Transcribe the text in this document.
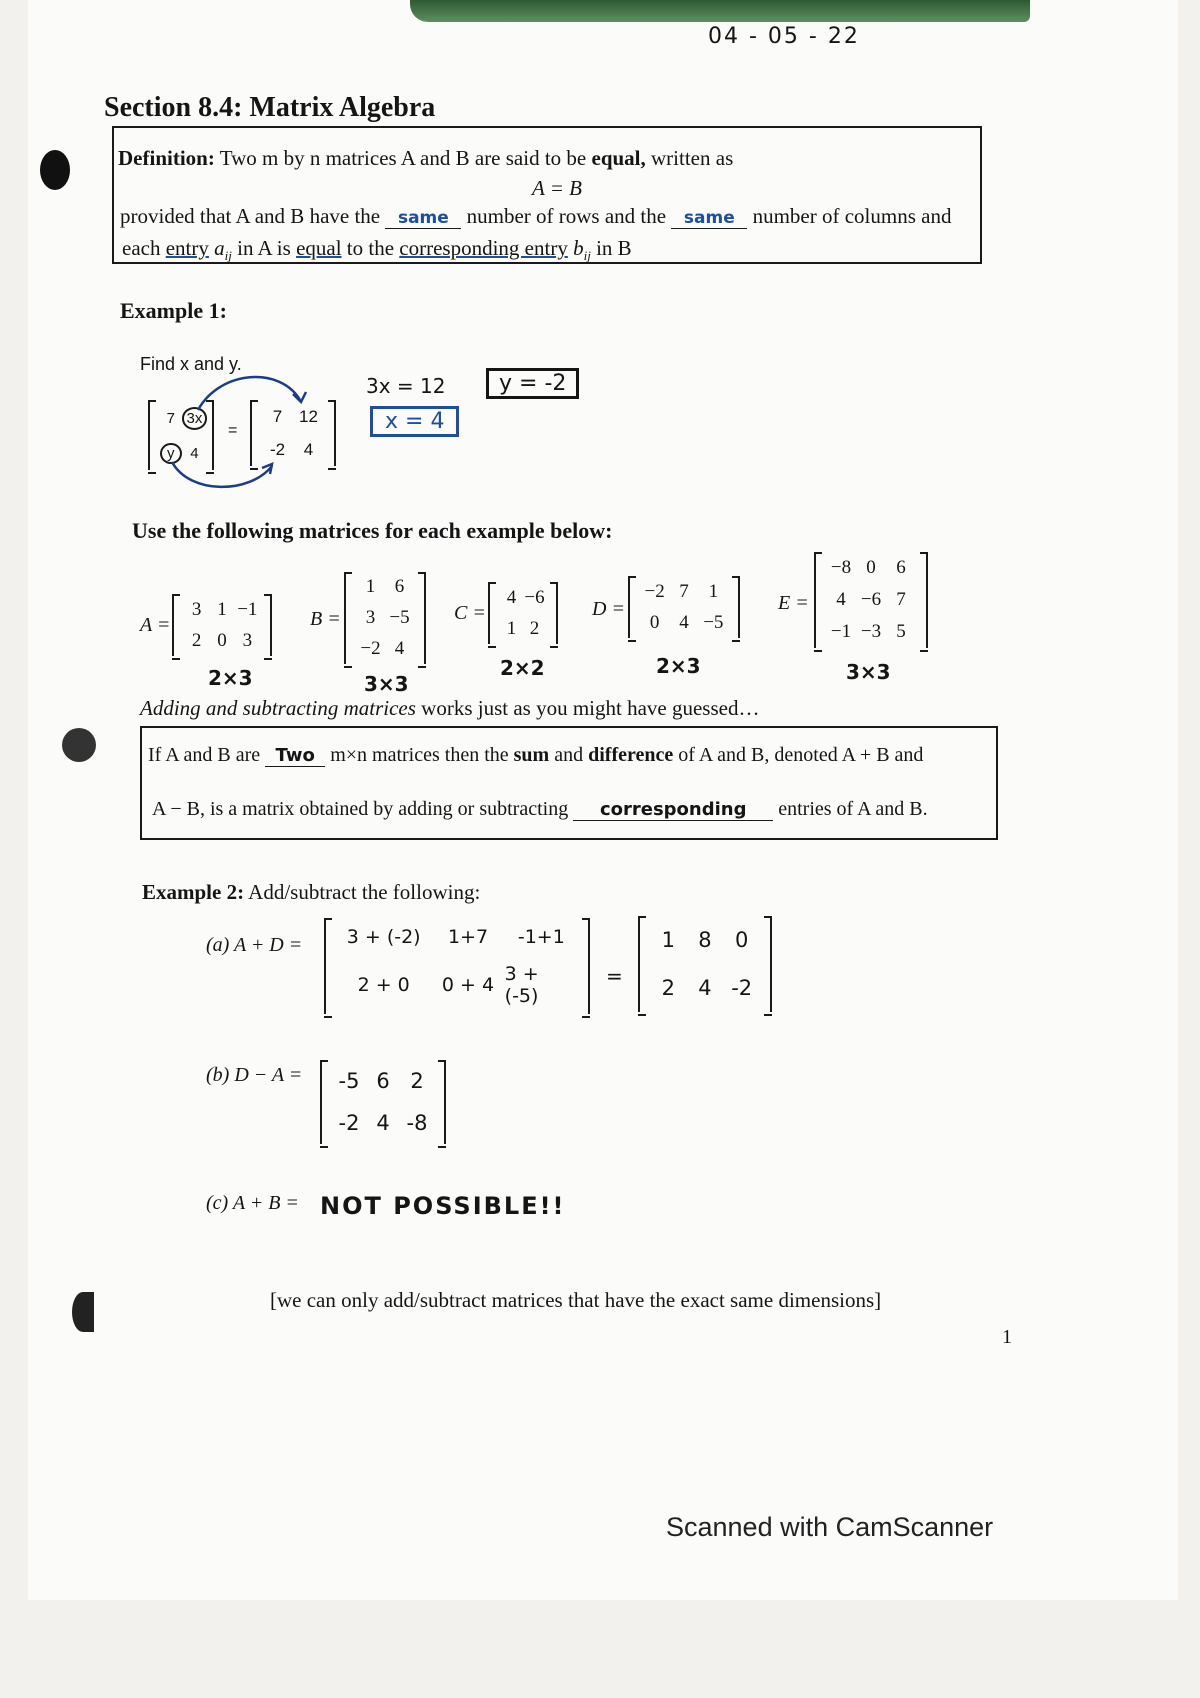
04 - 05 - 22
Section 8.4: Matrix Algebra
Definition: Two m by n matrices A and B are said to be equal, written as
A = B
provided that A and B have the same number of rows and the same number of columns and
each entry $a_{ij}$ in A is equal to the corresponding entry $b_{ij}$ in B
Example 1:
Find x and y.
7 3x
y	4
=
7 12
-2 4
3x = 12	y = -2
x = 4
Use the following matrices for each example below:
A =
3 1 −1
2 0 3
2×3
B =
1 6
3 −5
−2 4
3×3
C =
4 −6
1 2
2×2
D =
−2 7 1
0 4 −5
2×3
E =
−8 0 6
4 −6 7
−1 −3 5
3×3
Adding and subtracting matrices works just as you might have guessed…
If A and B are Two m×n matrices then the sum and difference of A and B, denoted A + B and
A − B, is a matrix obtained by adding or subtracting corresponding entries of A and B.
Example 2: Add/subtract the following:
(a) A + D = 3 + (-2) 1+7 -1+1
2 + 0 0 + 4 3 + (-5)
=
1 8 0
2 4 -2
(b) D − A = -5 6 2
-2 4 -8
(c) A + B = NOT POSSIBLE!!
[we can only add/subtract matrices that have the exact same dimensions]
1
Scanned with CamScanner
